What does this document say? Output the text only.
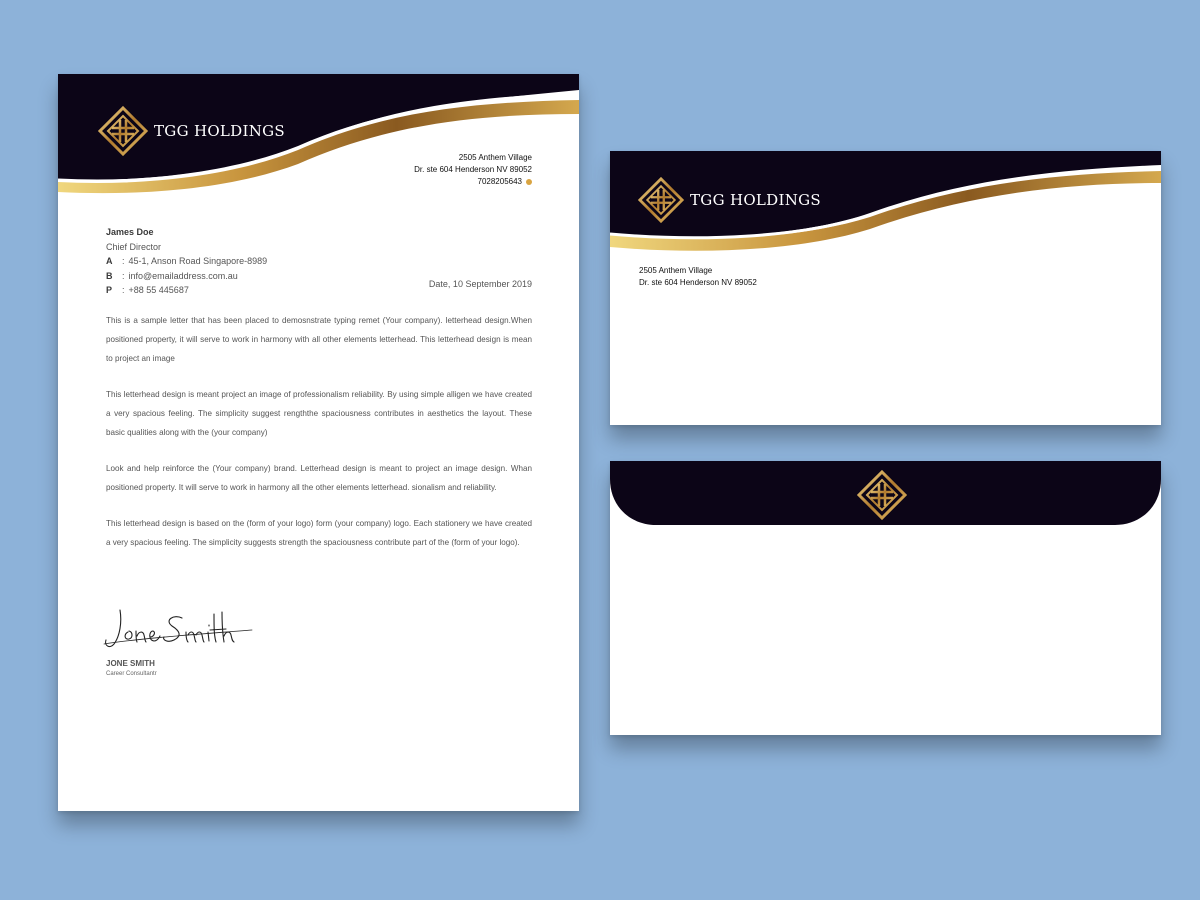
TGG HOLDINGS
2505 Anthem Village
Dr. ste 604 Henderson NV 89052
7028205643
James Doe
Chief Director
A	: 45-1, Anson Road Singapore-8989
B	: info@emailaddress.com.au
P	: +88 55 445687
Date, 10 September 2019

This is a sample letter that has been placed to demosnstrate typing remet (Your company). letterhead design.When positioned property, it will serve to work in harmony with all other elements letterhead. This letterhead design is mean to project an image

This letterhead design is meant project an image of professionalism reliability. By using simple alligen we have created a very spacious feeling. The simplicity suggest rengththe spaciousness contributes in aesthetics the layout. These basic qualities along with the (your company)

Look and help reinforce the (Your company) brand. Letterhead design is meant to project an image design. Whan positioned property. It will serve to work in harmony all the other elements letterhead. sionalism and reliability.

This letterhead design is based on the (form of your logo) form (your company) logo. Each stationery we have created a very spacious feeling. The simplicity suggests strength the spaciousness contribute part of the (form of your logo).

JONE SMITH
Career Consultantr
TGG HOLDINGS
2505 Anthem Village
Dr. ste 604 Henderson NV 89052
